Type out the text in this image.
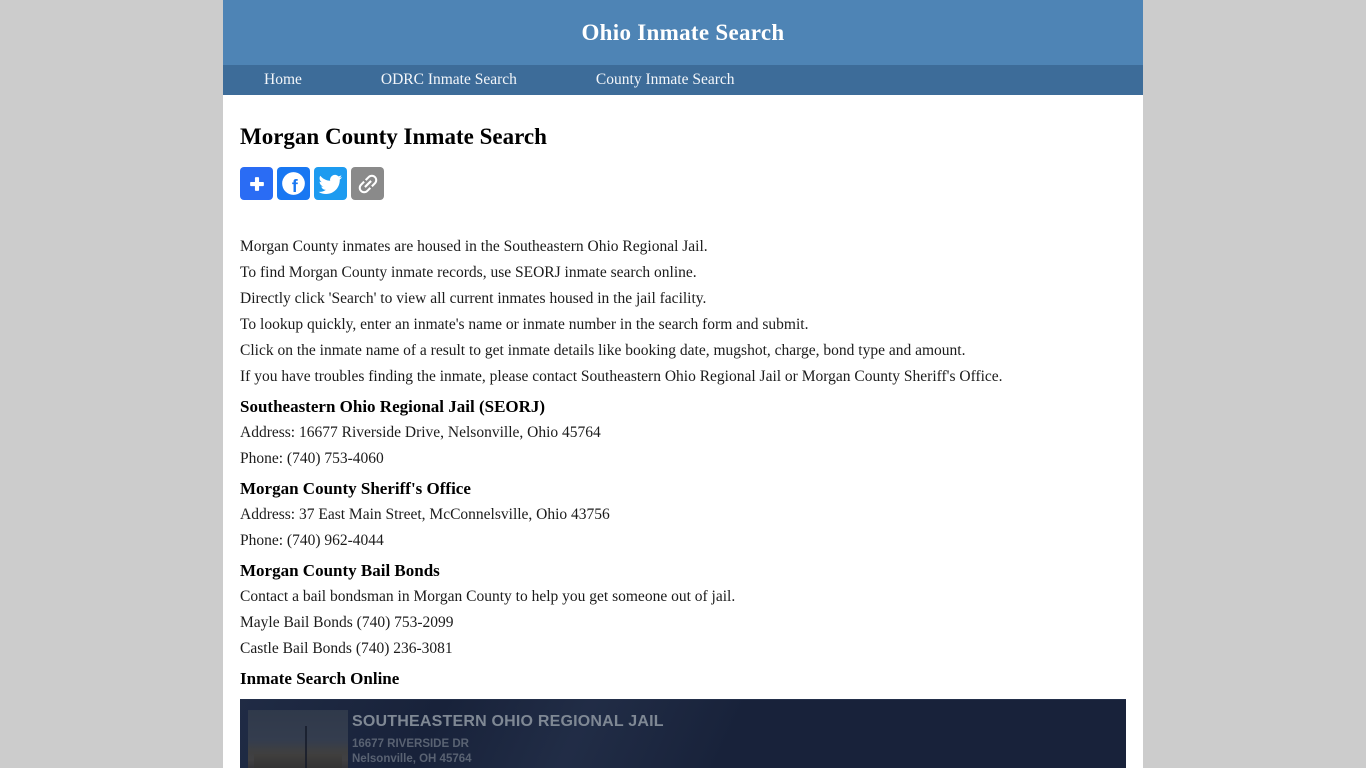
Ohio Inmate Search
Home	ODRC Inmate Search	County Inmate Search
Morgan County Inmate Search
f

Morgan County inmates are housed in the Southeastern Ohio Regional Jail.

To find Morgan County inmate records, use SEORJ inmate search online.

Directly click 'Search' to view all current inmates housed in the jail facility.

To lookup quickly, enter an inmate's name or inmate number in the search form and submit.

Click on the inmate name of a result to get inmate details like booking date, mugshot, charge, bond type and amount.

If you have troubles finding the inmate, please contact Southeastern Ohio Regional Jail or Morgan County Sheriff's Office.

Southeastern Ohio Regional Jail (SEORJ)

Address: 16677 Riverside Drive, Nelsonville, Ohio 45764

Phone: (740) 753-4060

Morgan County Sheriff's Office

Address: 37 East Main Street, McConnelsville, Ohio 43756

Phone: (740) 962-4044

Morgan County Bail Bonds

Contact a bail bondsman in Morgan County to help you get someone out of jail.

Mayle Bail Bonds (740) 753-2099

Castle Bail Bonds (740) 236-3081

Inmate Search Online
SOUTHEASTERN OHIO REGIONAL JAIL
16677 RIVERSIDE DR
Nelsonville, OH 45764
